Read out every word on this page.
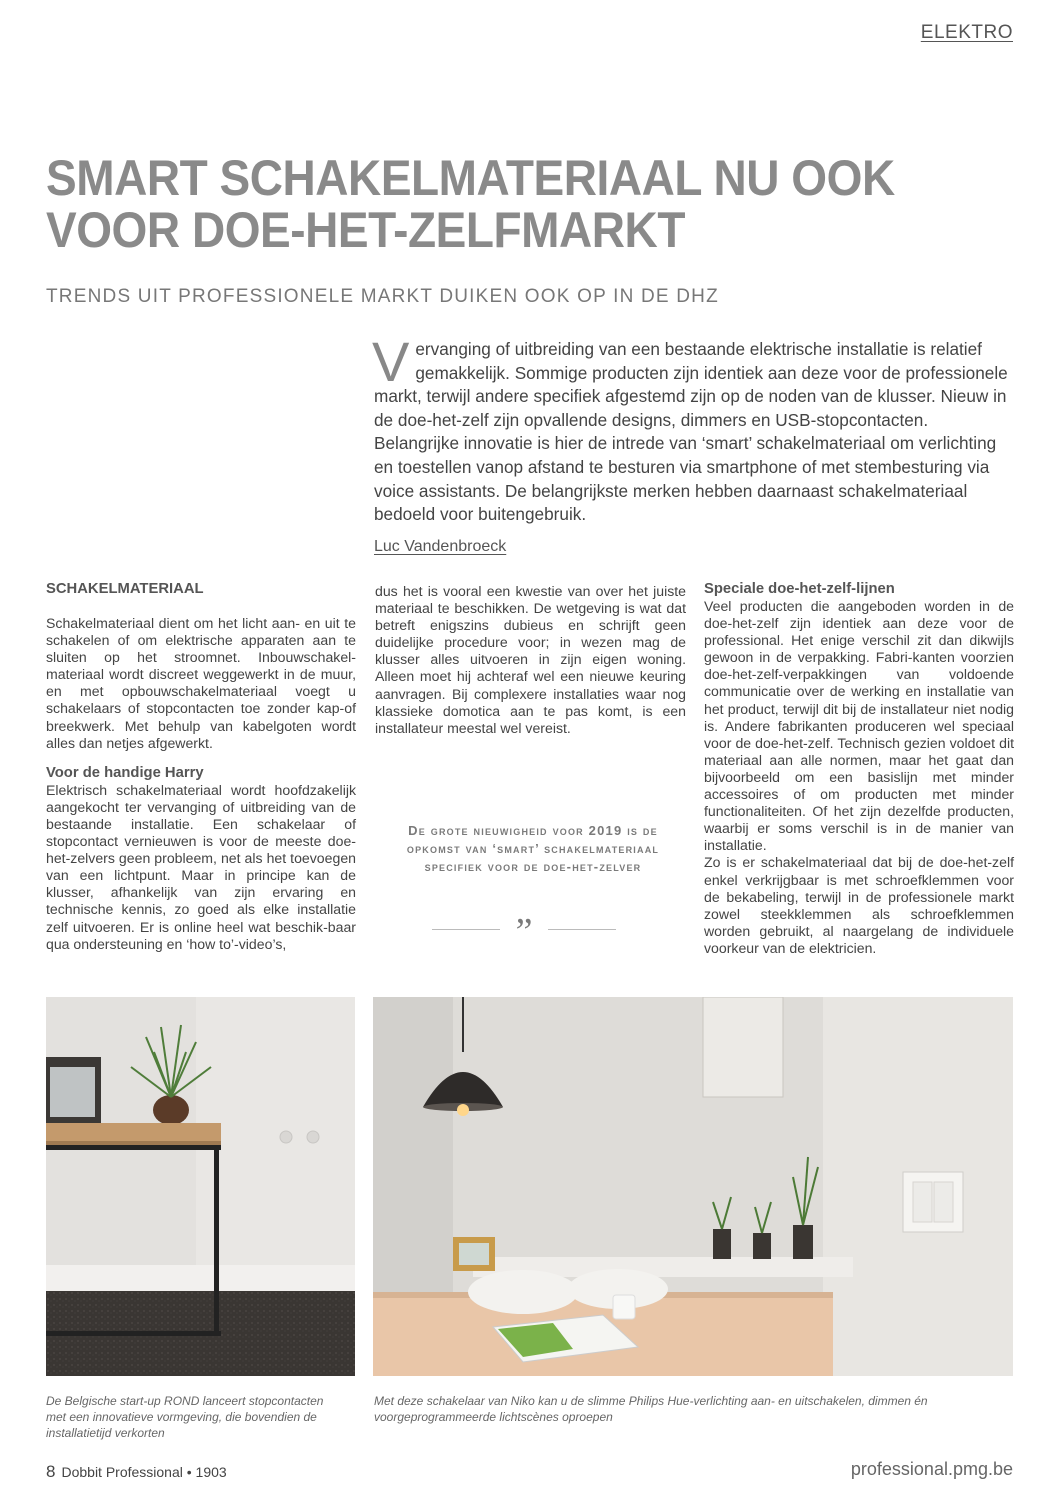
ELEKTRO
SMART SCHAKELMATERIAAL NU OOK
VOOR DOE-HET-ZELFMARKT
TRENDS UIT PROFESSIONELE MARKT DUIKEN OOK OP IN DE DHZ

Vervanging of uitbreiding van een bestaande elektrische installatie is relatief gemakkelijk. Sommige producten zijn identiek aan deze voor de professionele markt, terwijl andere specifiek afgestemd zijn op de noden van de klusser. Nieuw in de doe-het-zelf zijn opvallende designs, dimmers en USB-stopcontacten. Belangrijke innovatie is hier de intrede van ‘smart’ schakelmateriaal om verlichting en toestellen vanop afstand te besturen via smartphone of met stembesturing via voice assistants. De belangrijkste merken hebben daarnaast schakelmateriaal bedoeld voor buitengebruik.

Luc Vandenbroeck
SCHAKELMATERIAAL

Schakelmateriaal dient om het licht aan- en uit te schakelen of om elektrische apparaten aan te sluiten op het stroomnet. Inbouwschakel-materiaal wordt discreet weggewerkt in de muur, en met opbouwschakelmateriaal voegt u schakelaars of stopcontacten toe zonder kap-of breekwerk. Met behulp van kabelgoten wordt alles dan netjes afgewerkt.

Voor de handige Harry

Elektrisch schakelmateriaal wordt hoofdzakelijk aangekocht ter vervanging of uitbreiding van de bestaande installatie. Een schakelaar of stopcontact vernieuwen is voor de meeste doe-het-zelvers geen probleem, net als het toevoegen van een lichtpunt. Maar in principe kan de klusser, afhankelijk van zijn ervaring en technische kennis, zo goed als elke installatie zelf uitvoeren. Er is online heel wat beschik-baar qua ondersteuning en ‘how to’-video’s,

dus het is vooral een kwestie van over het juiste materiaal te beschikken. De wetgeving is wat dat betreft enigszins dubieus en schrijft geen duidelijke procedure voor; in wezen mag de klusser alles uitvoeren in zijn eigen woning. Alleen moet hij achteraf wel een nieuwe keuring aanvragen. Bij complexere installaties waar nog klassieke domotica aan te pas komt, is een installateur meestal wel vereist.

De grote nieuwigheid voor 2019 is de opkomst van ‘smart’ schakelmateriaal specifiek voor de doe-het-zelver

”
Speciale doe-het-zelf-lijnen

Veel producten die aangeboden worden in de doe-het-zelf zijn identiek aan deze voor de professional. Het enige verschil zit dan dikwijls gewoon in de verpakking. Fabri-kanten voorzien doe-het-zelf-verpakkingen van voldoende communicatie over de werking en installatie van het product, terwijl dit bij de installateur niet nodig is. Andere fabrikanten produceren wel speciaal voor de doe-het-zelf. Technisch gezien voldoet dit materiaal aan alle normen, maar het gaat dan bijvoorbeeld om een basislijn met minder accessoires of om producten met minder functionaliteiten. Of het zijn dezelfde producten, waarbij er soms verschil is in de manier van installatie.

Zo is er schakelmateriaal dat bij de doe-het-zelf enkel verkrijgbaar is met schroefklemmen voor de bekabeling, terwijl in de professionele markt zowel steekklemmen als schroefklemmen worden gebruikt, al naargelang de individuele voorkeur van de elektricien.

De Belgische start-up ROND lanceert stopcontacten met een innovatieve vormgeving, die bovendien de installatietijd verkorten
Met deze schakelaar van Niko kan u de slimme Philips Hue-verlichting aan- en uitschakelen, dimmen én voorgeprogrammeerde lichtscènes oproepen
8 Dobbit Professional • 1903	professional.pmg.be
